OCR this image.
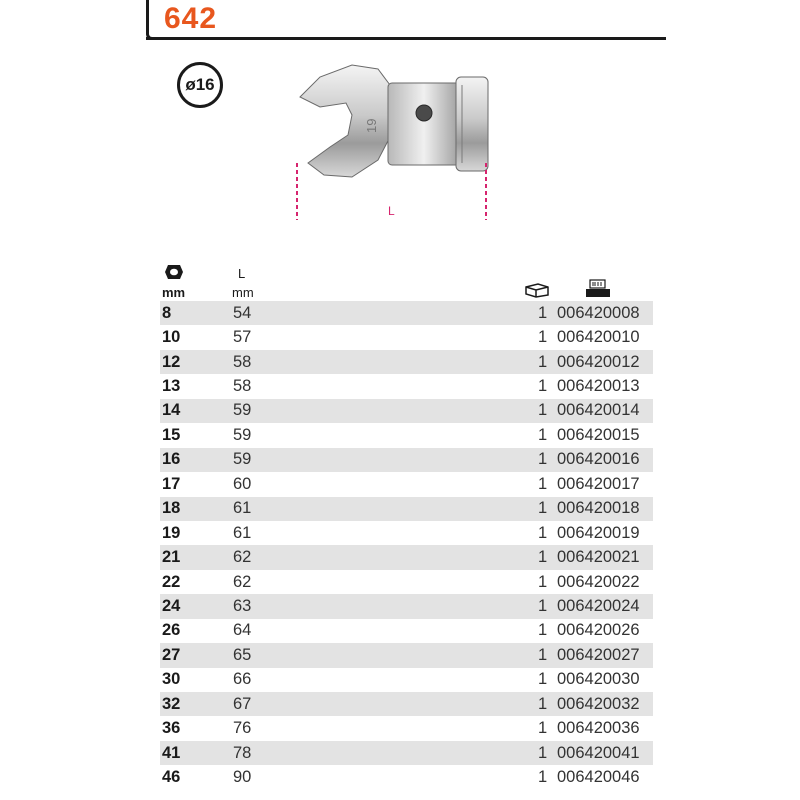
642
ø16
19
L
mm
L
mm
8	54	1 006420008
10	57	1 006420010
12	58	1 006420012
13	58	1 006420013
14	59	1 006420014
15	59	1 006420015
16	59	1 006420016
17	60	1 006420017
18	61	1 006420018
19	61	1 006420019
21	62	1 006420021
22	62	1 006420022
24	63	1 006420024
26	64	1 006420026
27	65	1 006420027
30	66	1 006420030
32	67	1 006420032
36	76	1 006420036
41	78	1 006420041
46	90	1 006420046
